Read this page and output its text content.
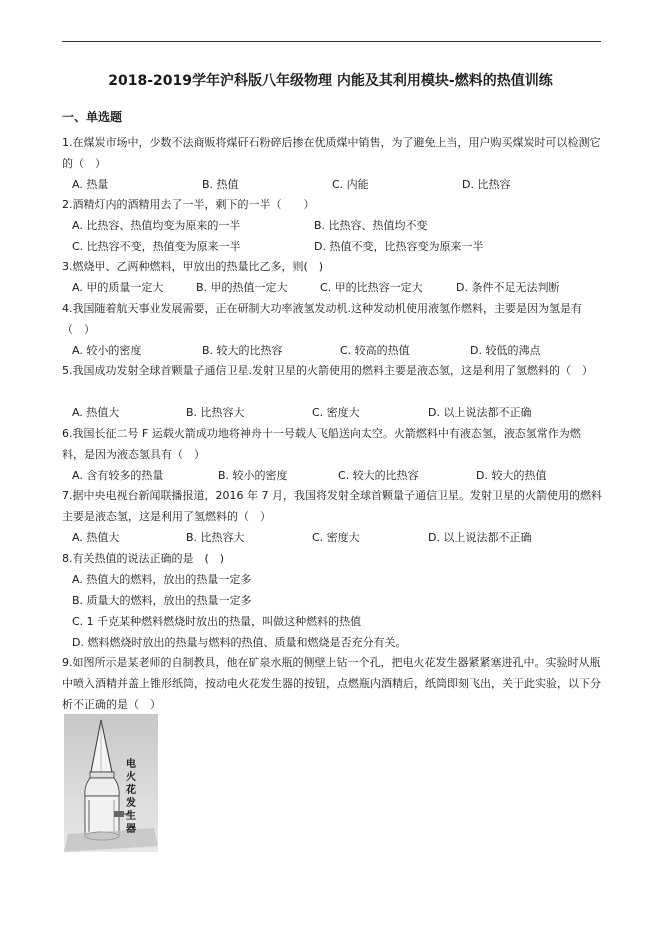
2018-2019学年沪科版八年级物理 内能及其利用模块-燃料的热值训练
一、单选题
1.在煤炭市场中，少数不法商贩将煤矸石粉碎后掺在优质煤中销售，为了避免上当，用户购买煤炭时可以检测它的（　）
A. 热量	B. 热值	C. 内能	D. 比热容
2.酒精灯内的酒精用去了一半，剩下的一半（　　）
A. 比热容、热值均变为原来的一半	B. 比热容、热值均不变
C. 比热容不变，热值变为原来一半	D. 热值不变，比热容变为原来一半
3.燃烧甲、乙两种燃料，甲放出的热量比乙多，则(　)
A. 甲的质量一定大	B. 甲的热值一定大	C. 甲的比热容一定大	D. 条件不足无法判断
4.我国随着航天事业发展需要，正在研制大功率液氢发动机.这种发动机使用液氢作燃料，主要是因为氢是有（　）
A. 较小的密度	B. 较大的比热容	C. 较高的热值	D. 较低的沸点
5.我国成功发射全球首颗量子通信卫星.发射卫星的火箭使用的燃料主要是液态氢，这是利用了氢燃料的（　）
A. 热值大	B. 比热容大	C. 密度大	D. 以上说法都不正确
6.我国长征二号 F 运载火箭成功地将神舟十一号载人飞船送向太空。火箭燃料中有液态氢，液态氢常作为燃料，是因为液态氢具有（　）
A. 含有较多的热量	B. 较小的密度	C. 较大的比热容	D. 较大的热值
7.据中央电视台新闻联播报道，2016 年 7 月，我国将发射全球首颗量子通信卫星。发射卫星的火箭使用的燃料主要是液态氢，这是利用了氢燃料的（　）
A. 热值大	B. 比热容大	C. 密度大	D. 以上说法都不正确
8.有关热值的说法正确的是　(　)
A. 热值大的燃料，放出的热量一定多
B. 质量大的燃料，放出的热量一定多
C. 1 千克某种燃料燃烧时放出的热量，叫做这种燃料的热值
D. 燃料燃烧时放出的热量与燃料的热值、质量和燃烧是否充分有关。
9.如图所示是某老师的自制教具，他在矿泉水瓶的侧壁上钻一个孔，把电火花发生器紧紧塞进孔中。实验时从瓶中喷入酒精并盖上锥形纸筒，按动电火花发生器的按钮，点燃瓶内酒精后，纸筒即刻飞出，关于此实验，以下分析不正确的是（　）
电火花发生器
